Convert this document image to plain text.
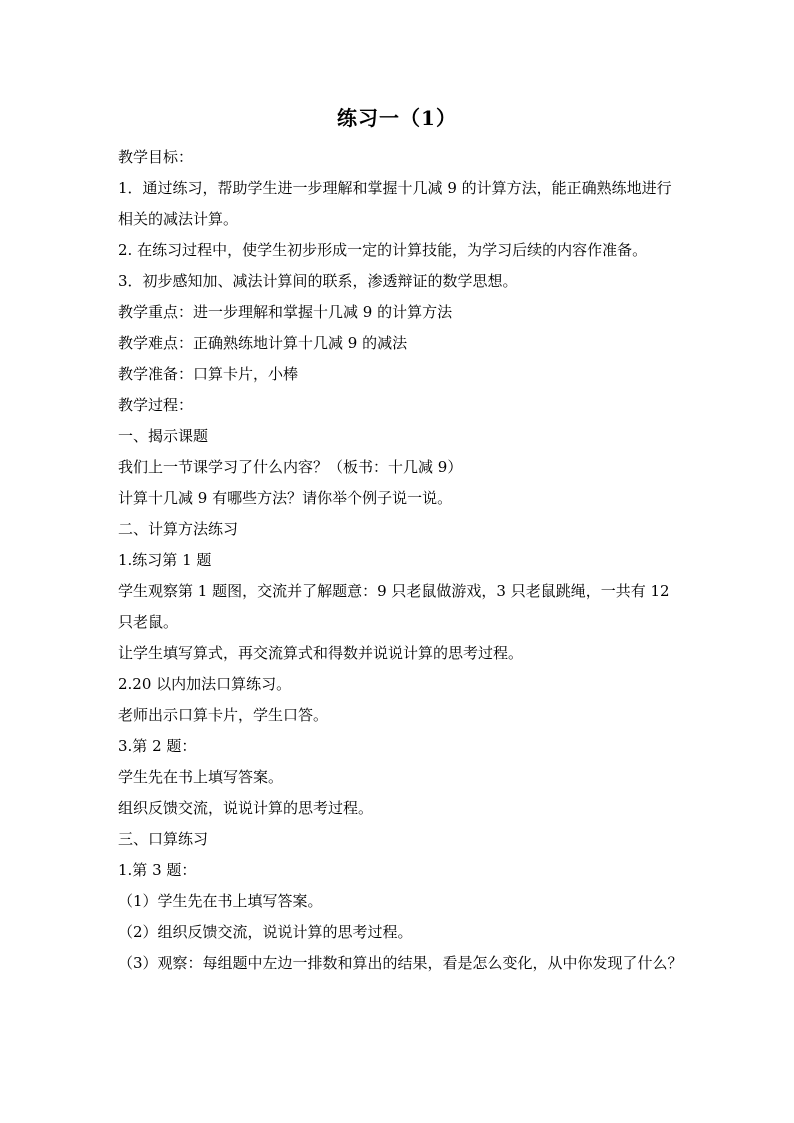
练习一（1）
教学目标：
1．通过练习，帮助学生进一步理解和掌握十几减 9 的计算方法，能正确熟练地进行相关的减法计算。
2. 在练习过程中，使学生初步形成一定的计算技能，为学习后续的内容作准备。
3．初步感知加、减法计算间的联系，渗透辩证的数学思想。
教学重点：进一步理解和掌握十几减 9 的计算方法
教学难点：正确熟练地计算十几减 9 的减法
教学准备：口算卡片，小棒
教学过程：
一、揭示课题
我们上一节课学习了什么内容？（板书：十几减 9）
计算十几减 9 有哪些方法？请你举个例子说一说。
二、计算方法练习
1.练习第 1 题
学生观察第 1 题图，交流并了解题意：9 只老鼠做游戏，3 只老鼠跳绳，一共有 12 只老鼠。
让学生填写算式，再交流算式和得数并说说计算的思考过程。
2.20 以内加法口算练习。
老师出示口算卡片，学生口答。
3.第 2 题：
学生先在书上填写答案。
组织反馈交流，说说计算的思考过程。
三、口算练习
1.第 3 题：
（1）学生先在书上填写答案。
（2）组织反馈交流，说说计算的思考过程。
（3）观察：每组题中左边一排数和算出的结果，看是怎么变化，从中你发现了什么？
